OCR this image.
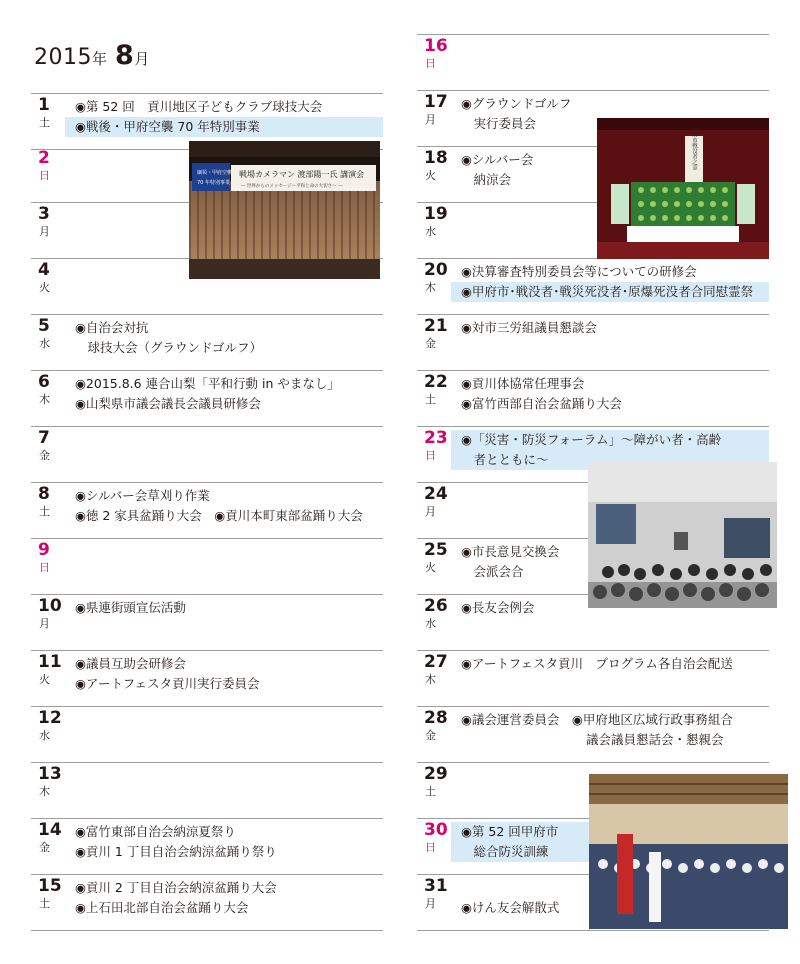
2015年 8月
1
土
◉第 52 回　貢川地区子どもクラブ球技大会
◉戦後・甲府空襲 70 年特別事業
2
日
3
月
4
火
5
水
◉自治会対抗
　球技大会（グラウンドゴルフ）
6
木
◉2015.8.6 連合山梨「平和行動 in やまなし」
◉山梨県市議会議長会議員研修会
7
金
8
土
◉シルバー会草刈り作業
◉徳 2 家具盆踊り大会　◉貢川本町東部盆踊り大会
9
日
10
月
◉県連街頭宣伝活動
11
火
◉議員互助会研修会
◉アートフェスタ貢川実行委員会
12
水
13
木
14
金
◉富竹東部自治会納涼夏祭り
◉貢川 1 丁目自治会納涼盆踊り祭り
15
土
◉貢川 2 丁目自治会納涼盆踊り大会
◉上石田北部自治会盆踊り大会
16
日
17
月
◉グラウンドゴルフ
　実行委員会
18
火
◉シルバー会
　納涼会
19
水
20
木
◉決算審査特別委員会等についての研修会
◉甲府市･戦没者･戦災死没者･原爆死没者合同慰霊祭
21
金
◉対市三労組議員懇談会
22
土
◉貢川体協常任理事会
◉富竹西部自治会盆踊り大会
23
日
◉「災害・防災フォーラム」～障がい者・高齢
　者とともに～
24
月
25
火
◉市長意見交換会
　会派会合
26
水
◉長友会例会
27
木
◉アートフェスタ貢川　プログラム各自治会配送
28
金
◉議会運営委員会　◉甲府地区広域行政事務組合
　　　　　　　　　　議会議員懇話会・懇親会
29
土
30
日
◉第 52 回甲府市
　総合防災訓練
31
月 ◉けん友会解散式
綱領・甲府空襲
70 年特別事業
戦場カメラマン 渡部陽一氏 講演会
― 世界からのメッセージ～平和と命の大切さ～ ―
甲府市戦没者之霊
